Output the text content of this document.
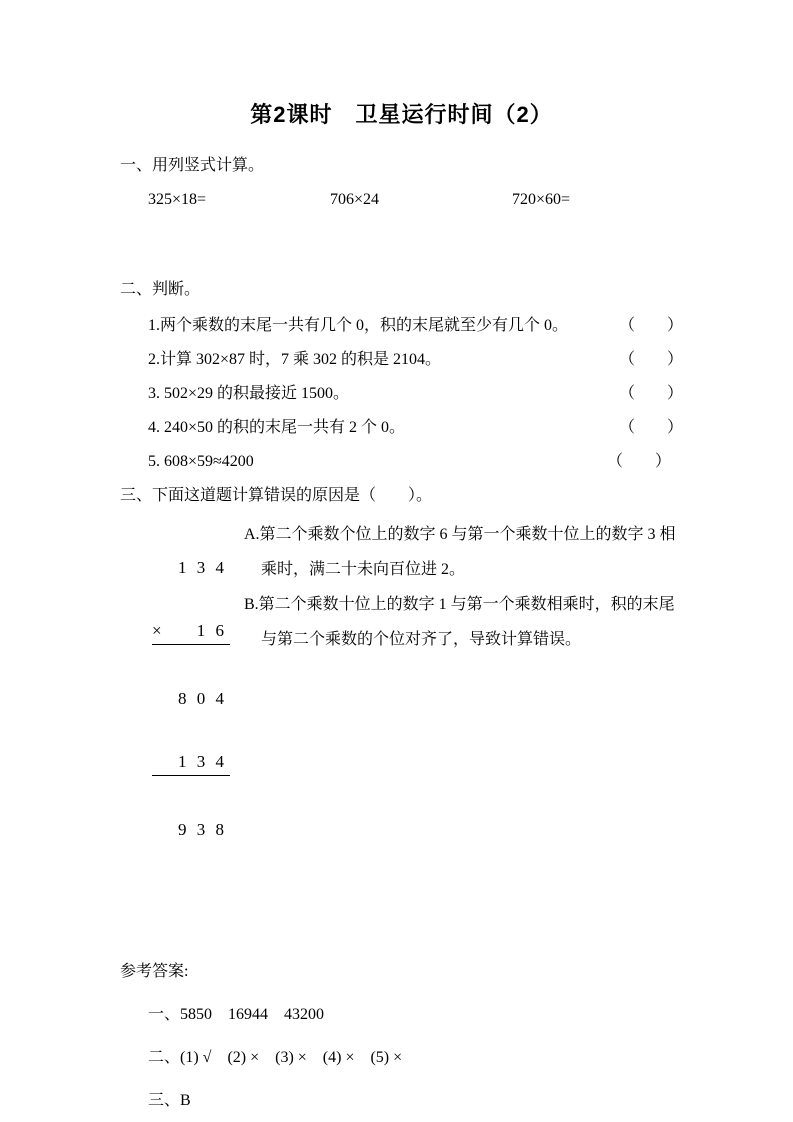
第2课时　卫星运行时间（2）
一、用列竖式计算。
325×18=	706×24	720×60=
二、判断。
1.两个乘数的末尾一共有几个 0，积的末尾就至少有几个 0。	（　　）
2.计算 302×87 时，7 乘 302 的积是 2104。	（　　）
3. 502×29 的积最接近 1500。	（　　）
4. 240×50 的积的末尾一共有 2 个 0。	（　　）
5. 608×59≈4200	（　　）
三、下面这道题计算错误的原因是（　　）。

1 3 4

× 1 6

8 0 4

1 3 4

9 3 8

A.第二个乘数个位上的数字 6 与第一个乘数十位上的数字 3 相乘时，满二十未向百位进 2。

B.第二个乘数十位上的数字 1 与第一个乘数相乘时，积的末尾与第二个乘数的个位对齐了，导致计算错误。

参考答案:
一、5850　16944　43200
二、(1) √　(2) ×　(3) ×　(4) ×　(5) ×
三、B
